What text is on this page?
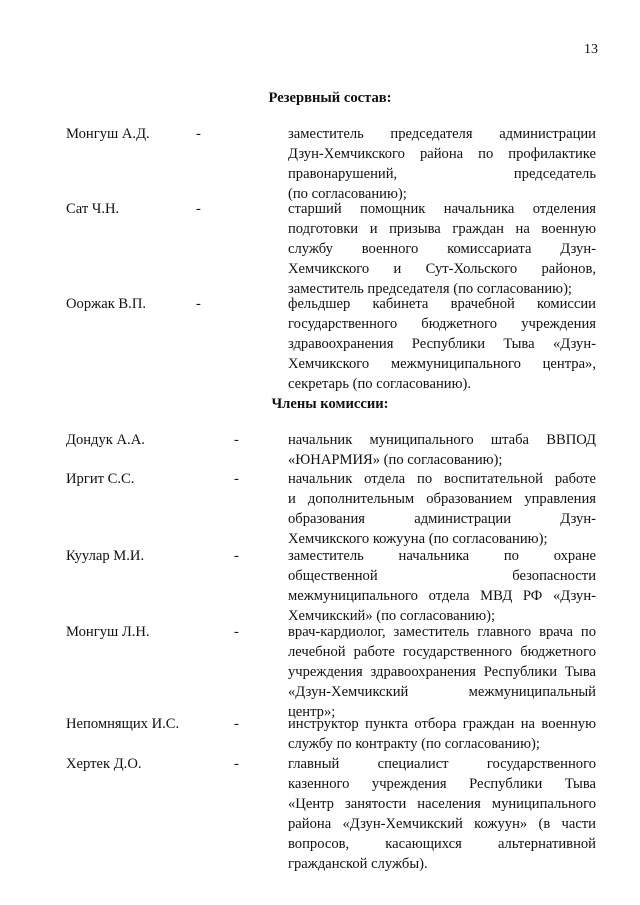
13
Резервный состав:
Монгуш А.Д.	-	заместитель председателя администрации
Дзун-Хемчикского района по профилактике
правонарушений, председатель
(по согласованию);
Сат Ч.Н.	-	старший помощник начальника отделения
подготовки и призыва граждан на военную
службу военного комиссариата Дзун-
Хемчикского и Сут-Хольского районов,
заместитель председателя (по согласованию);
Ооржак В.П.	-	фельдшер кабинета врачебной комиссии
государственного бюджетного учреждения
здравоохранения Республики Тыва «Дзун-
Хемчикского межмуниципального центра»,
секретарь (по согласованию).
Члены комиссии:
Дондук А.А.	-	начальник муниципального штаба ВВПОД
«ЮНАРМИЯ» (по согласованию);
Иргит С.С.	-	начальник отдела по воспитательной работе
и дополнительным образованием управления
образования администрации Дзун-
Хемчикского кожууна (по согласованию);
Куулар М.И.	-	заместитель начальника по охране
общественной безопасности
межмуниципального отдела МВД РФ «Дзун-
Хемчикский» (по согласованию);
Монгуш Л.Н.	-	врач-кардиолог, заместитель главного врача по
лечебной работе государственного бюджетного
учреждения здравоохранения Республики Тыва
«Дзун-Хемчикский межмуниципальный
центр»;
Непомнящих И.С.	-	инструктор пункта отбора граждан на военную
службу по контракту (по согласованию);
Хертек Д.О.	-	главный специалист государственного
казенного учреждения Республики Тыва
«Центр занятости населения муниципального
района «Дзун-Хемчикский кожуун» (в части
вопросов, касающихся альтернативной
гражданской службы).
